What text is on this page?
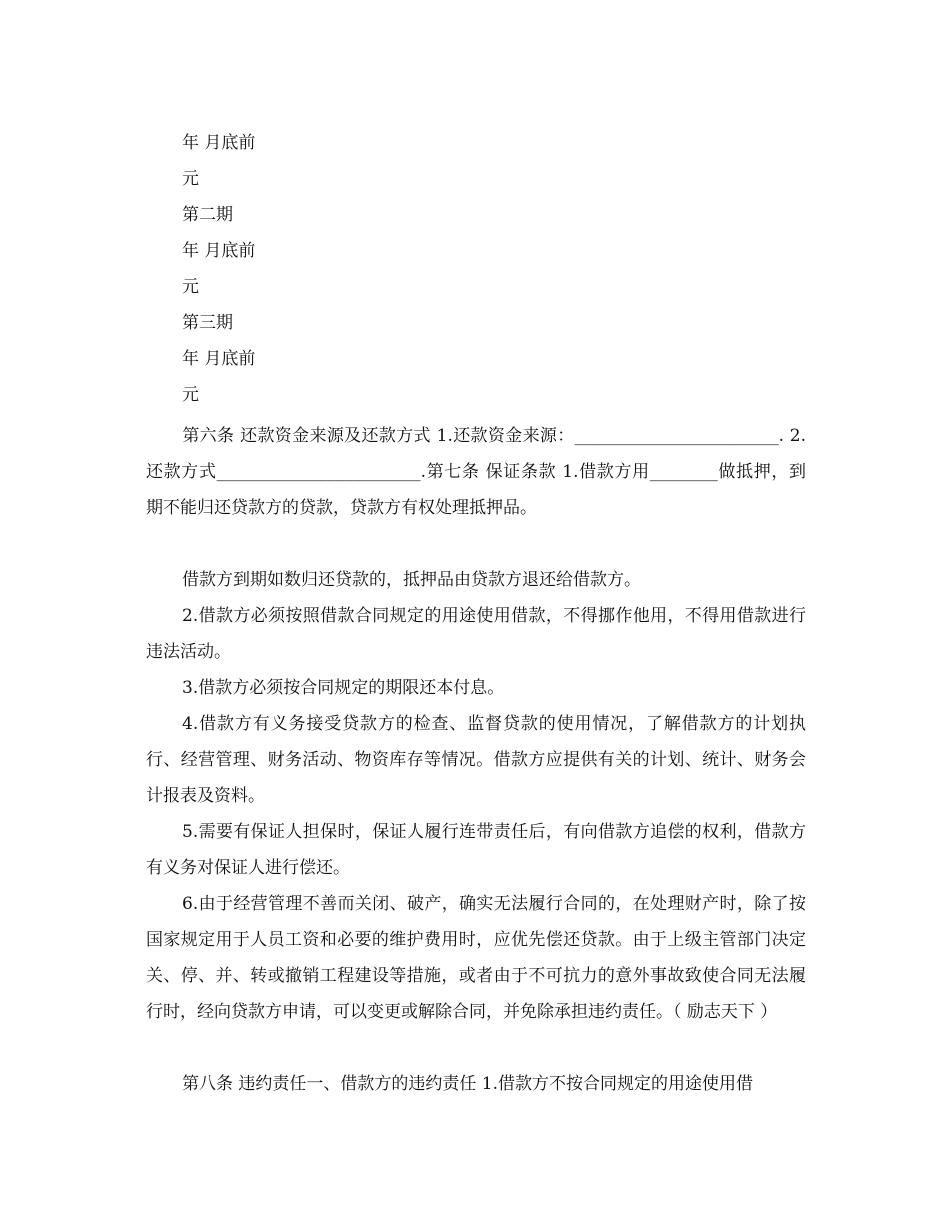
年 月底前
元
第二期
年 月底前
元
第三期
年 月底前
元
第六条 还款资金来源及还款方式 1.还款资金来源：________________________. 2.还款方式________________________.第七条 保证条款 1.借款方用________做抵押，到期不能归还贷款方的贷款，贷款方有权处理抵押品。
借款方到期如数归还贷款的，抵押品由贷款方退还给借款方。
2.借款方必须按照借款合同规定的用途使用借款，不得挪作他用，不得用借款进行违法活动。
3.借款方必须按合同规定的期限还本付息。
4.借款方有义务接受贷款方的检查、监督贷款的使用情况，了解借款方的计划执行、经营管理、财务活动、物资库存等情况。借款方应提供有关的计划、统计、财务会计报表及资料。
5.需要有保证人担保时，保证人履行连带责任后，有向借款方追偿的权利，借款方有义务对保证人进行偿还。
6.由于经营管理不善而关闭、破产，确实无法履行合同的，在处理财产时，除了按国家规定用于人员工资和必要的维护费用时，应优先偿还贷款。由于上级主管部门决定关、停、并、转或撤销工程建设等措施，或者由于不可抗力的意外事故致使合同无法履行时，经向贷款方申请，可以变更或解除合同，并免除承担违约责任。（ 励志天下 ）
第八条 违约责任一、借款方的违约责任 1.借款方不按合同规定的用途使用借
